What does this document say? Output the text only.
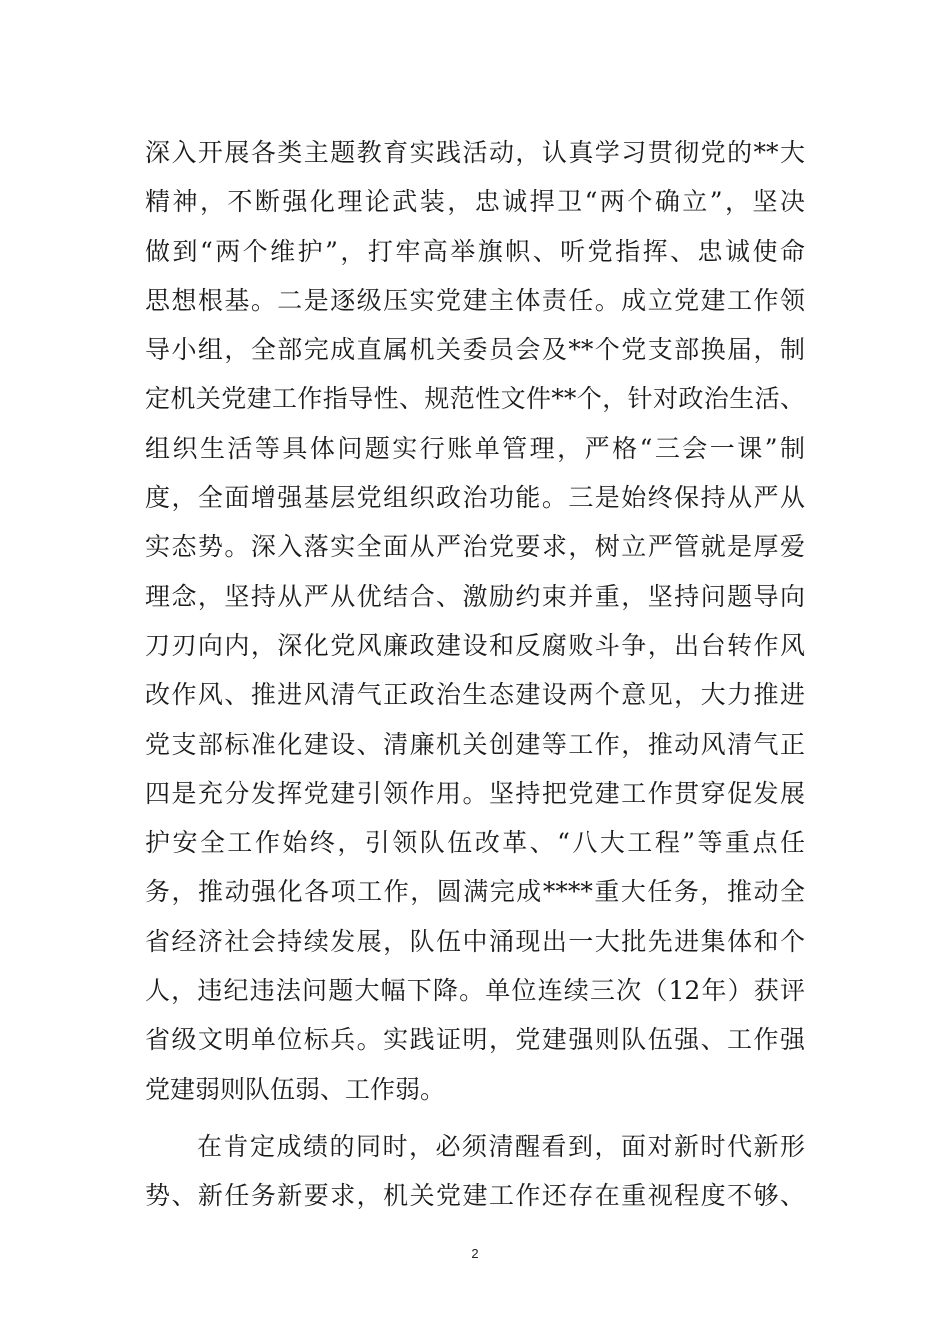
深入开展各类主题教育实践活动，认真学习贯彻党的**大
精神，不断强化理论武装，忠诚捍卫“两个确立”，坚决
做到“两个维护”，打牢高举旗帜、听党指挥、忠诚使命
思想根基。二是逐级压实党建主体责任。成立党建工作领
导小组，全部完成直属机关委员会及**个党支部换届，制
定机关党建工作指导性、规范性文件**个，针对政治生活、
组织生活等具体问题实行账单管理，严格“三会一课”制
度，全面增强基层党组织政治功能。三是始终保持从严从
实态势。深入落实全面从严治党要求，树立严管就是厚爱
理念，坚持从严从优结合、激励约束并重，坚持问题导向
刀刃向内，深化党风廉政建设和反腐败斗争，出台转作风
改作风、推进风清气正政治生态建设两个意见，大力推进
党支部标准化建设、清廉机关创建等工作，推动风清气正
四是充分发挥党建引领作用。坚持把党建工作贯穿促发展
护安全工作始终，引领队伍改革、“八大工程”等重点任
务，推动强化各项工作，圆满完成****重大任务，推动全
省经济社会持续发展，队伍中涌现出一大批先进集体和个
人，违纪违法问题大幅下降。单位连续三次（12年）获评
省级文明单位标兵。实践证明，党建强则队伍强、工作强
党建弱则队伍弱、工作弱。
在肯定成绩的同时，必须清醒看到，面对新时代新形
势、新任务新要求，机关党建工作还存在重视程度不够、
2
